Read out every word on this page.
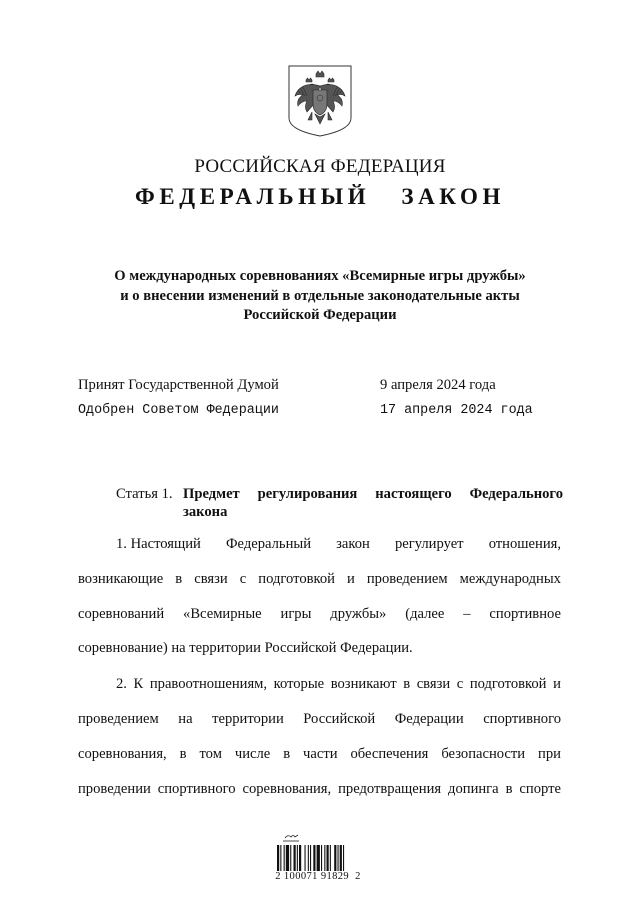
РОССИЙСКАЯ ФЕДЕРАЦИЯ
ФЕДЕРАЛЬНЫЙ   ЗАКОН
О международных соревнованиях «Всемирные игры дружбы»
и о внесении изменений в отдельные законодательные акты
Российской Федерации
Принят Государственной Думой	9 апреля 2024 года
Одобрен Советом Федерации	17 апреля 2024 года
Статья 1. Предмет регулирования настоящего Федерального
закона
1. Настоящий Федеральный закон регулирует отношения,
возникающие в связи с подготовкой и проведением международных
соревнований «Всемирные игры дружбы» (далее – спортивное
соревнование) на территории Российской Федерации.
2. К правоотношениям, которые возникают в связи с подготовкой и
проведением на территории Российской Федерации спортивного
соревнования, в том числе в части обеспечения безопасности при
проведении спортивного соревнования, предотвращения допинга в спорте
2 100071 91829  2
